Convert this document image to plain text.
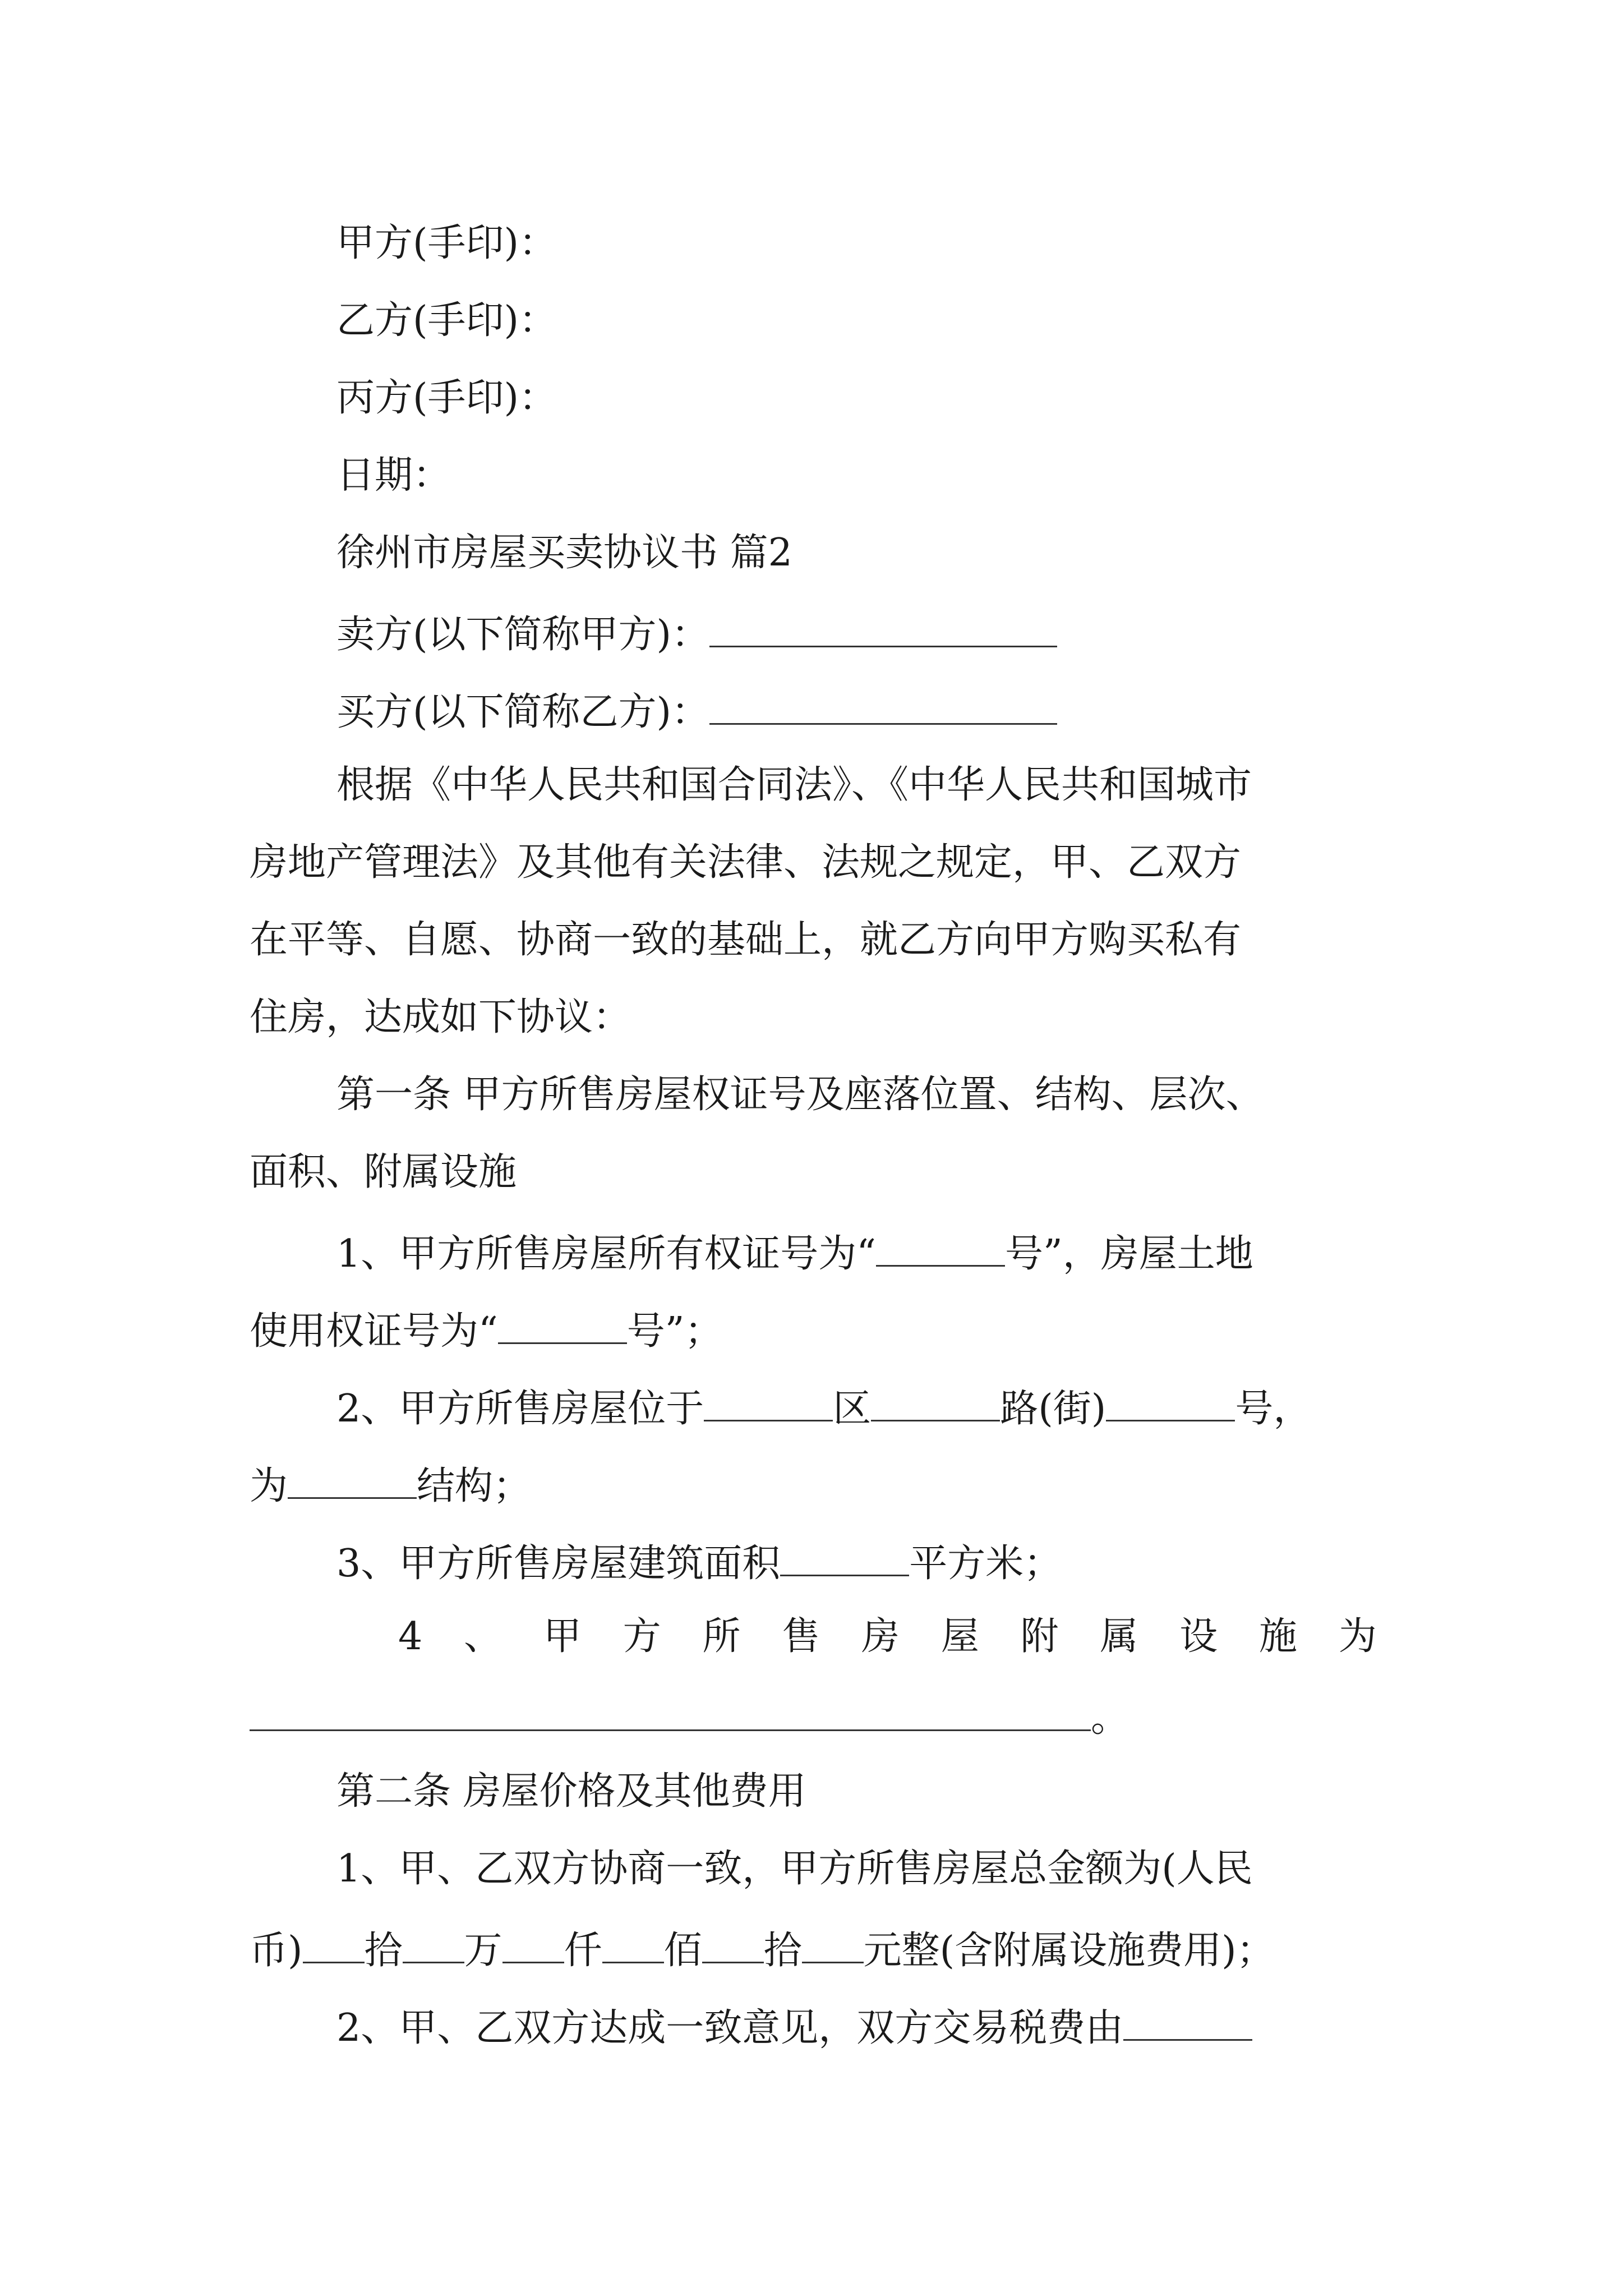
甲方(手印)：
乙方(手印)：
丙方(手印)：
日期：
徐州市房屋买卖协议书 篇2
卖方(以下简称甲方)：
买方(以下简称乙方)：
根据《中华人民共和国合同法》、《中华人民共和国城市
房地产管理法》及其他有关法律、法规之规定，甲、乙双方
在平等、自愿、协商一致的基础上，就乙方向甲方购买私有
住房，达成如下协议：
第一条 甲方所售房屋权证号及座落位置、结构、层次、
面积、附属设施
1、甲方所售房屋所有权证号为“	号”，房屋土地
使用权证号为“	号”；
2、甲方所售房屋位于	区	路(街)	号，
为	结构；
3、甲方所售房屋建筑面积	平方米；
4 、 甲 方 所 售 房 屋 附 属 设 施 为
。
第二条 房屋价格及其他费用
1、甲、乙双方协商一致，甲方所售房屋总金额为(人民
币) 拾 万 仟 佰 拾 元整(含附属设施费用)；
2、甲、乙双方达成一致意见，双方交易税费由
